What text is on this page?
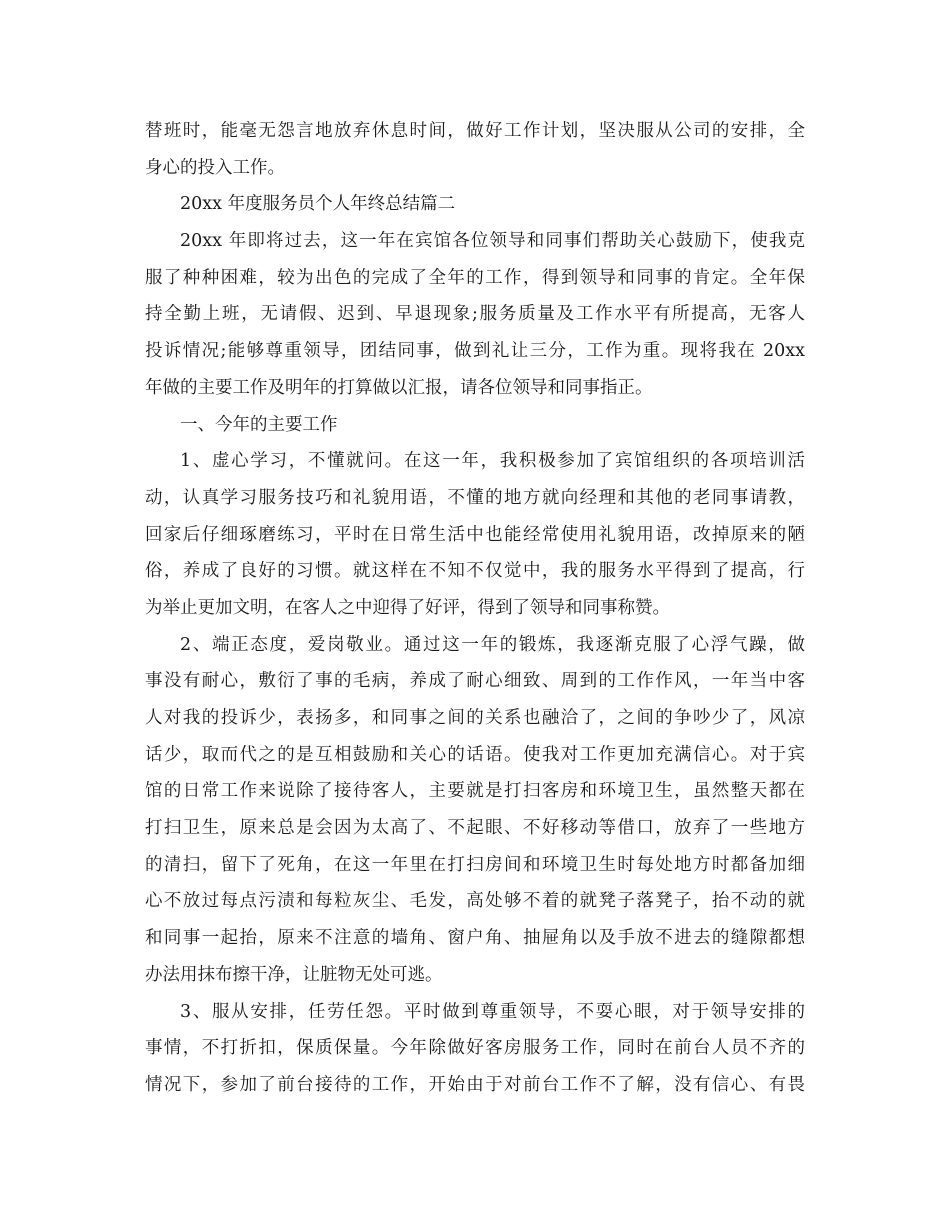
替班时，能毫无怨言地放弃休息时间，做好工作计划，坚决服从公司的安排，全
身心的投入工作。
20xx 年度服务员个人年终总结篇二
20xx 年即将过去，这一年在宾馆各位领导和同事们帮助关心鼓励下，使我克
服了种种困难，较为出色的完成了全年的工作，得到领导和同事的肯定。全年保
持全勤上班，无请假、迟到、早退现象;服务质量及工作水平有所提高，无客人
投诉情况;能够尊重领导，团结同事，做到礼让三分，工作为重。现将我在 20xx
年做的主要工作及明年的打算做以汇报，请各位领导和同事指正。
一、今年的主要工作
1、虚心学习，不懂就问。在这一年，我积极参加了宾馆组织的各项培训活
动，认真学习服务技巧和礼貌用语，不懂的地方就向经理和其他的老同事请教，
回家后仔细琢磨练习，平时在日常生活中也能经常使用礼貌用语，改掉原来的陋
俗，养成了良好的习惯。就这样在不知不仅觉中，我的服务水平得到了提高，行
为举止更加文明，在客人之中迎得了好评，得到了领导和同事称赞。
2、端正态度，爱岗敬业。通过这一年的锻炼，我逐渐克服了心浮气躁，做
事没有耐心，敷衍了事的毛病，养成了耐心细致、周到的工作作风，一年当中客
人对我的投诉少，表扬多，和同事之间的关系也融洽了，之间的争吵少了，风凉
话少，取而代之的是互相鼓励和关心的话语。使我对工作更加充满信心。对于宾
馆的日常工作来说除了接待客人，主要就是打扫客房和环境卫生，虽然整天都在
打扫卫生，原来总是会因为太高了、不起眼、不好移动等借口，放弃了一些地方
的清扫，留下了死角，在这一年里在打扫房间和环境卫生时每处地方时都备加细
心不放过每点污渍和每粒灰尘、毛发，高处够不着的就凳子落凳子，抬不动的就
和同事一起抬，原来不注意的墙角、窗户角、抽屉角以及手放不进去的缝隙都想
办法用抹布擦干净，让脏物无处可逃。
3、服从安排，任劳任怨。平时做到尊重领导，不耍心眼，对于领导安排的
事情，不打折扣，保质保量。今年除做好客房服务工作，同时在前台人员不齐的
情况下，参加了前台接待的工作，开始由于对前台工作不了解，没有信心、有畏
